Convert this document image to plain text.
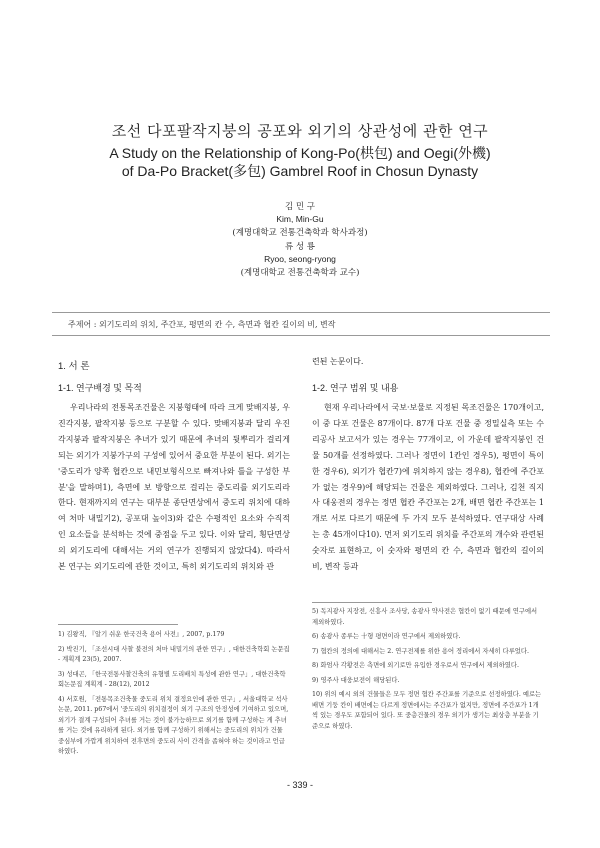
조선 다포팔작지붕의 공포와 외기의 상관성에 관한 연구
A Study on the Relationship of Kong-Po(栱包) and Oegi(外機)
of Da-Po Bracket(多包) Gambrel Roof in Chosun Dynasty
김 민 구
Kim, Min-Gu
(계명대학교 전통건축학과 학사과정)
류 성 룡
Ryoo, seong-ryong
(계명대학교 전통건축학과 교수)
주제어 : 외기도리의 위치, 주간포, 평면의 칸 수, 측면과 협칸 길이의 비, 변작
1. 서 론
1-1. 연구배경 및 목적

우리나라의 전통목조건물은 지붕형태에 따라 크게 맞배지붕, 우진각지붕, 팔작지붕 등으로 구분할 수 있다. 맞배지붕과 달리 우진각지붕과 팔작지붕은 추녀가 있기 때문에 추녀의 뒷뿌리가 걸리게 되는 외기가 지붕가구의 구성에 있어서 중요한 부분이 된다. 외기는 '중도리가 양쪽 협칸으로 내민보형식으로 빠져나와 틀을 구성한 부분'을 말하며1), 측면에 보 방향으로 걸리는 중도리를 외기도리라 한다. 현재까지의 연구는 대부분 종단면상에서 중도리 위치에 대하여 처마 내밀기2), 공포대 높이3)와 같은 수평적인 요소와 수직적인 요소들을 분석하는 것에 중점을 두고 있다. 이와 달리, 횡단면상의 외기도리에 대해서는 거의 연구가 진행되지 않았다4). 따라서 본 연구는 외기도리에 관한 것이고, 특히 외기도리의 위치와 관

1) 김왕직, 『알기 쉬운 한국건축 용어 사전』, 2007, p.179

2) 박진기, 「조선시대 사찰 불전의 처마 내밀기의 관한 연구」, 대한건축학회 논문집 - 계획계 23(5), 2007.

3) 성대곤, 「한국전통사찰건축의 유형별 도리배치 특성에 관한 연구」, 대한건축학회논문집 계획계 - 28(12), 2012

4) 서호원, 「전통목조건축물 중도리 위치 결정요인에 관한 연구」, 서울대학교 석사논문, 2011. p67에서 '중도리의 위치결정이 외기 구조의 안정성에 기여하고 있으며, 외기가 결계 구성되어 추녀를 거는 것이 불가능하므로 외기를 함께 구성하는 게 추녀를 거는 것에 유리하게 된다. 외기를 함께 구성하기 위해서는 중도리의 위치가 건물 중심부에 가깝게 위치하여 전후면의 중도리 사이 간격을 좁혀야 하는 것이라고 언급하였다.

련된 논문이다.
1-2. 연구 범위 및 내용

현재 우리나라에서 국보·보물로 지정된 목조건물은 170개이고, 이 중 다포 건물은 87개이다. 87개 다포 건물 중 정밀실측 또는 수리공사 보고서가 있는 경우는 77개이고, 이 가운데 팔작지붕인 건물 50개를 선정하였다. 그러나 정면이 1칸인 경우5), 평면이 특이한 경우6), 외기가 협칸7)에 위치하지 않는 경우8), 협칸에 주간포가 없는 경우9)에 해당되는 건물은 제외하였다. 그러나, 김천 직지사 대웅전의 경우는 정면 협칸 주간포는 2개, 배면 협칸 주간포는 1개로 서로 다르기 때문에 두 가지 모두 분석하였다. 연구대상 사례는 총 45개이다10). 먼저 외기도리 위치를 주간포의 개수와 관련된 숫자로 표현하고, 이 숫자와 평면의 칸 수, 측면과 협칸의 길이의 비, 변작 등과

5) 독지광사 지장전, 신흥사 조사당, 송광사 약사전은 협칸이 없기 때문에 연구에서 제외하였다.

6) 송광사 종루는 十형 평면이라 연구에서 제외하였다.

7) 협칸의 정의에 대해서는 2. 연구전제를 위한 용어 정리에서 자세히 다루었다.

8) 화엄사 각황전은 측면에 외기로만 유입한 경우로서 연구에서 제외하였다.

9) 영주사 대웅보전이 해당된다.

10) 위의 예시 외의 건물들은 모두 정면 협칸 주간포를 기준으로 선정하였다. 예로는 배면 기둥 칸이 배면에는 다르게 정면에서는 주간포가 없지만, 정면에 주간포가 1개씩 있는 경우도 포함되어 있다. 또 중층건물의 경우 외기가 생기는 최상층 부분을 기준으로 하였다.

- 339 -
